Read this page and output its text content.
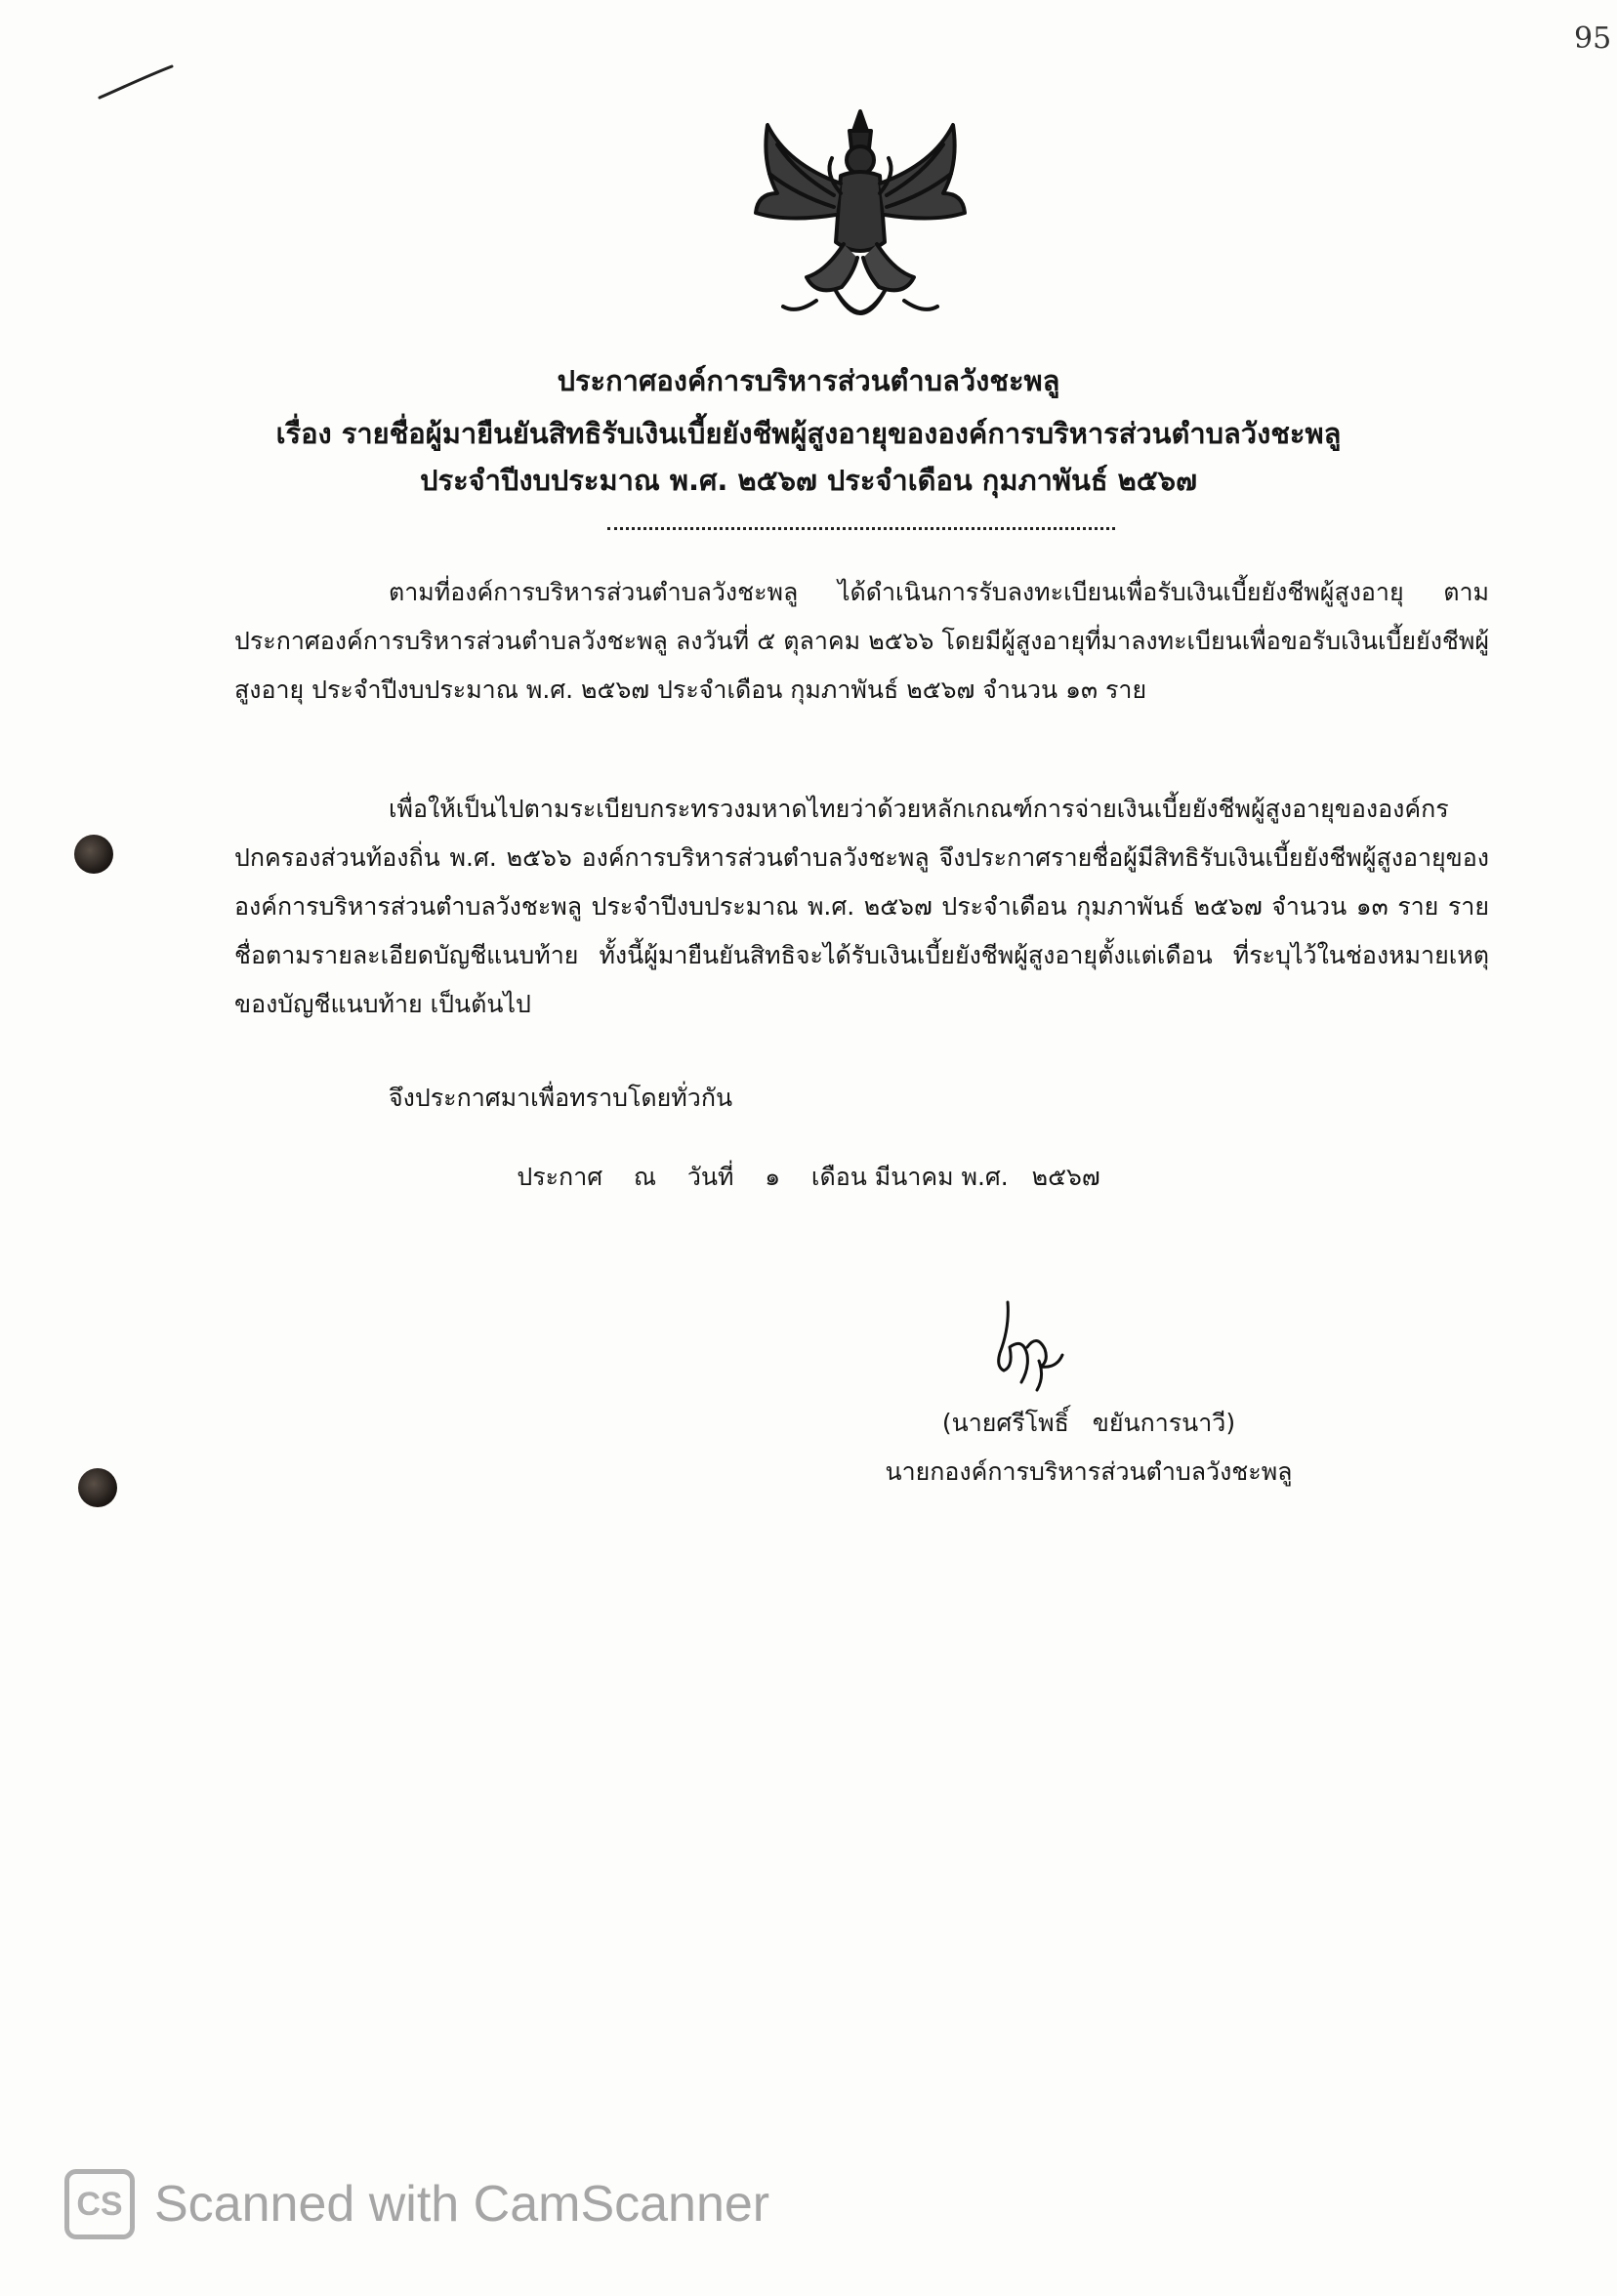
95
ประกาศองค์การบริหารส่วนตำบลวังชะพลู
เรื่อง รายชื่อผู้มายืนยันสิทธิรับเงินเบี้ยยังชีพผู้สูงอายุขององค์การบริหารส่วนตำบลวังชะพลู
ประจำปีงบประมาณ พ.ศ. ๒๕๖๗ ประจำเดือน กุมภาพันธ์ ๒๕๖๗
ตามที่องค์การบริหารส่วนตำบลวังชะพลู ได้ดำเนินการรับลงทะเบียนเพื่อรับเงินเบี้ยยังชีพผู้สูงอายุ ตามประกาศองค์การบริหารส่วนตำบลวังชะพลู ลงวันที่ ๕ ตุลาคม ๒๕๖๖ โดยมีผู้สูงอายุที่มาลงทะเบียนเพื่อขอรับเงินเบี้ยยังชีพผู้สูงอายุ ประจำปีงบประมาณ พ.ศ. ๒๕๖๗ ประจำเดือน กุมภาพันธ์ ๒๕๖๗ จำนวน ๑๓ ราย
เพื่อให้เป็นไปตามระเบียบกระทรวงมหาดไทยว่าด้วยหลักเกณฑ์การจ่ายเงินเบี้ยยังชีพผู้สูงอายุขององค์กรปกครองส่วนท้องถิ่น พ.ศ. ๒๕๖๖ องค์การบริหารส่วนตำบลวังชะพลู จึงประกาศรายชื่อผู้มีสิทธิรับเงินเบี้ยยังชีพผู้สูงอายุขององค์การบริหารส่วนตำบลวังชะพลู ประจำปีงบประมาณ พ.ศ. ๒๕๖๗ ประจำเดือน กุมภาพันธ์ ๒๕๖๗ จำนวน ๑๓ ราย รายชื่อตามรายละเอียดบัญชีแนบท้าย ทั้งนี้ผู้มายืนยันสิทธิจะได้รับเงินเบี้ยยังชีพผู้สูงอายุตั้งแต่เดือน ที่ระบุไว้ในช่องหมายเหตุของบัญชีแนบท้าย เป็นต้นไป
จึงประกาศมาเพื่อทราบโดยทั่วกัน
ประกาศ    ณ    วันที่    ๑    เดือน มีนาคม พ.ศ.   ๒๕๖๗
(นายศรีโพธิ์   ขยันการนาวี)
นายกองค์การบริหารส่วนตำบลวังชะพลู
CS Scanned with CamScanner
